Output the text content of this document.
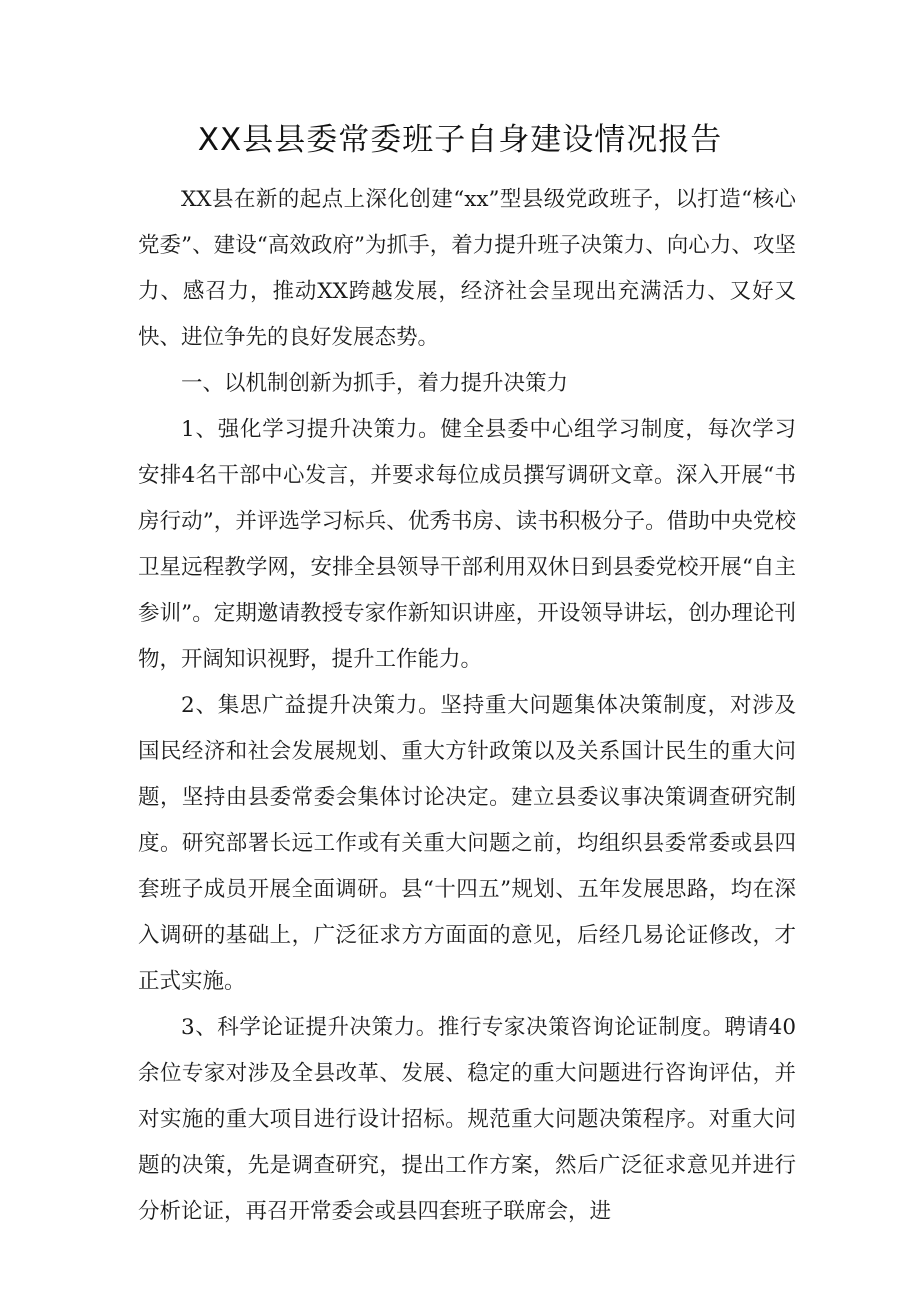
XX县县委常委班子自身建设情况报告

XX县在新的起点上深化创建“xx”型县级党政班子，以打造“核心党委”、建设“高效政府”为抓手，着力提升班子决策力、向心力、攻坚力、感召力，推动XX跨越发展，经济社会呈现出充满活力、又好又快、进位争先的良好发展态势。

一、以机制创新为抓手，着力提升决策力

1、强化学习提升决策力。健全县委中心组学习制度，每次学习安排4名干部中心发言，并要求每位成员撰写调研文章。深入开展“书房行动”，并评选学习标兵、优秀书房、读书积极分子。借助中央党校卫星远程教学网，安排全县领导干部利用双休日到县委党校开展“自主参训”。定期邀请教授专家作新知识讲座，开设领导讲坛，创办理论刊物，开阔知识视野，提升工作能力。

2、集思广益提升决策力。坚持重大问题集体决策制度，对涉及国民经济和社会发展规划、重大方针政策以及关系国计民生的重大问题，坚持由县委常委会集体讨论决定。建立县委议事决策调查研究制度。研究部署长远工作或有关重大问题之前，均组织县委常委或县四套班子成员开展全面调研。县“十四五”规划、五年发展思路，均在深入调研的基础上，广泛征求方方面面的意见，后经几易论证修改，才正式实施。

3、科学论证提升决策力。推行专家决策咨询论证制度。聘请40余位专家对涉及全县改革、发展、稳定的重大问题进行咨询评估，并对实施的重大项目进行设计招标。规范重大问题决策程序。对重大问题的决策，先是调查研究，提出工作方案，然后广泛征求意见并进行分析论证，再召开常委会或县四套班子联席会，进
